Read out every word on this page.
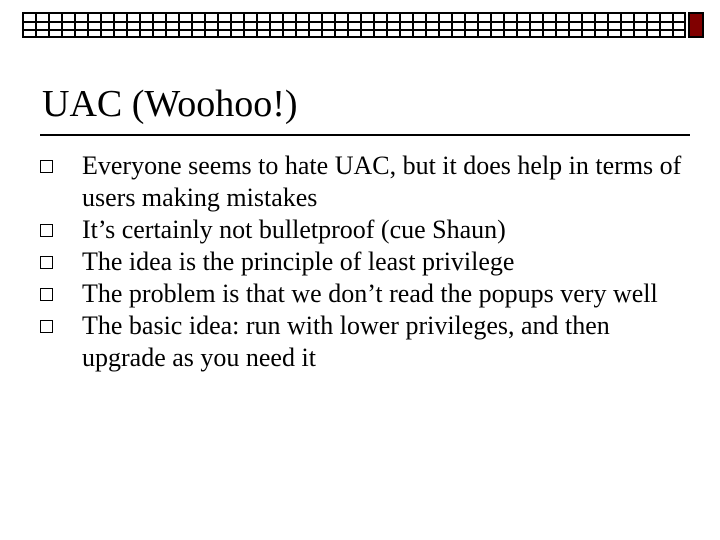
UAC (Woohoo!)
Everyone seems to hate UAC, but it does help in terms of users making mistakes
It’s certainly not bulletproof (cue Shaun)
The idea is the principle of least privilege
The problem is that we don’t read the popups very well
The basic idea: run with lower privileges, and then upgrade as you need it
